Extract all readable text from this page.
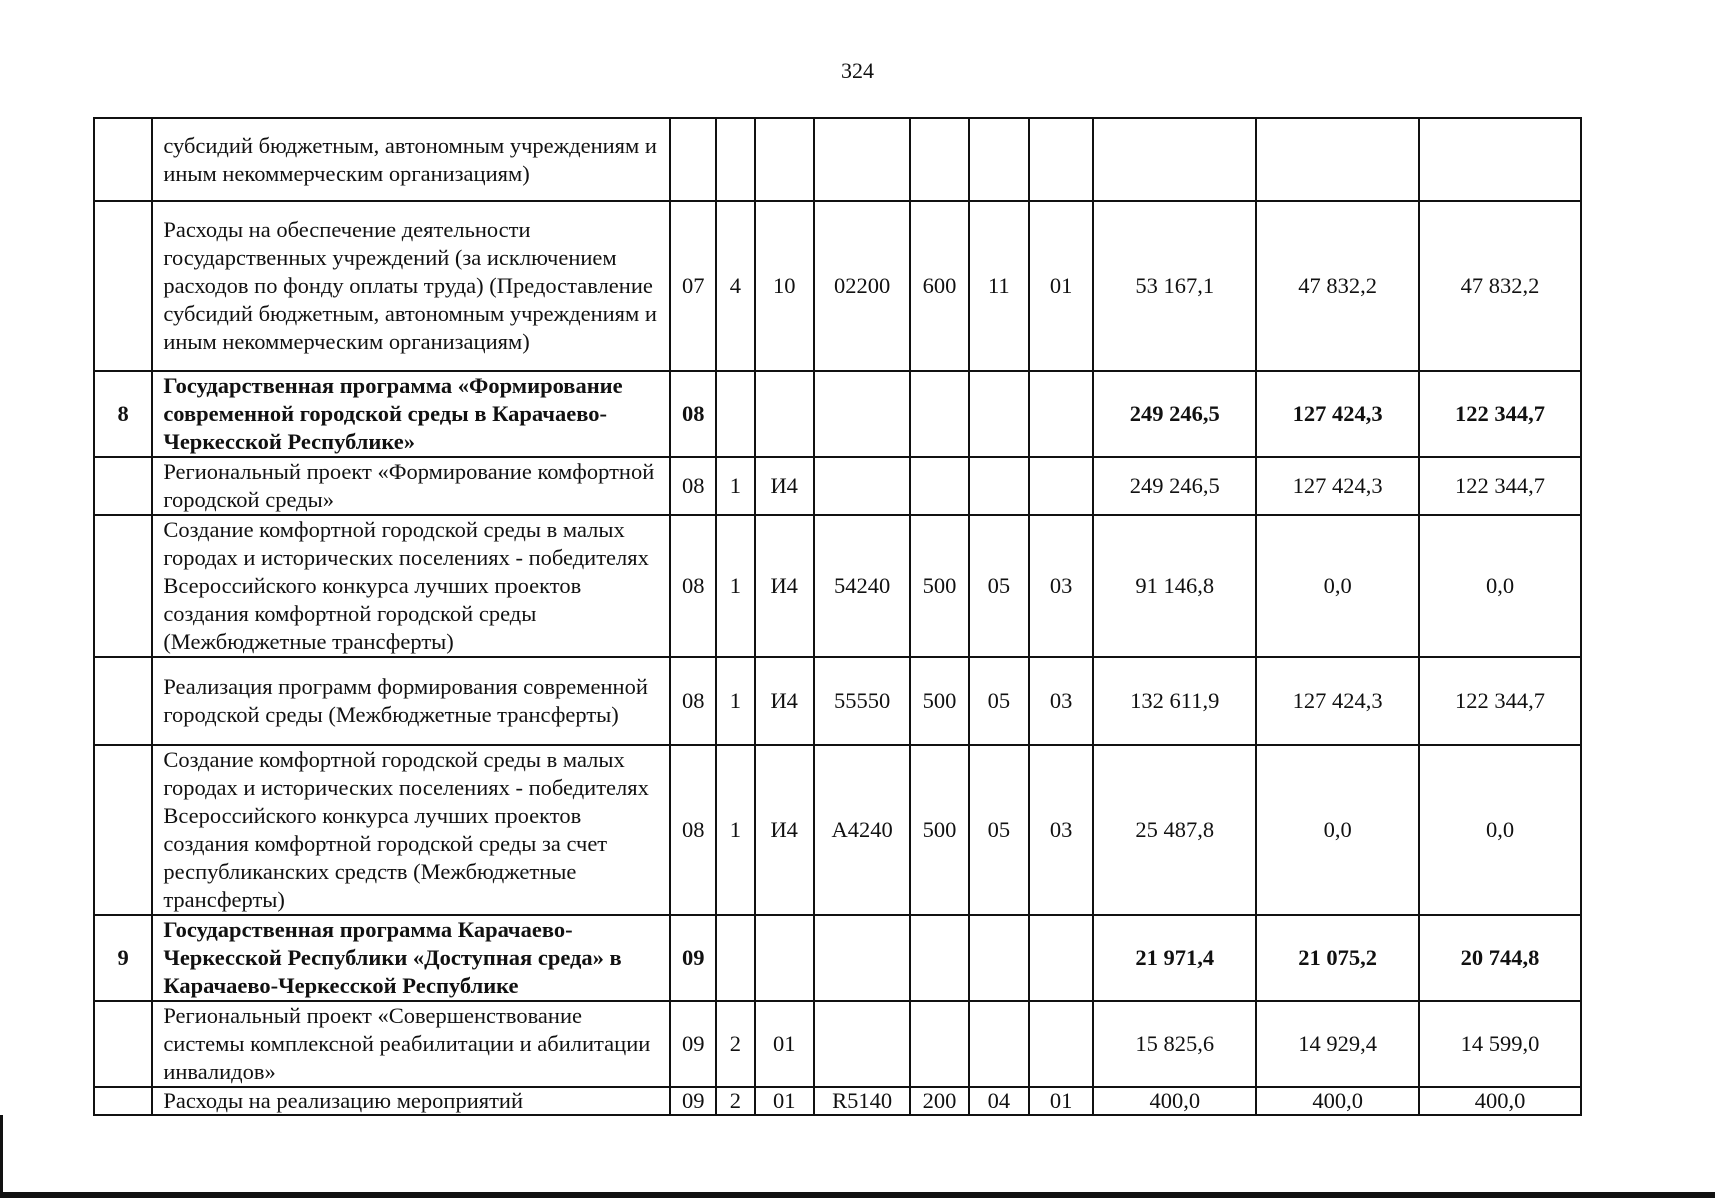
324
	субсидий бюджетным, автономным учреждениям и иным некоммерческим организациям)										
	Расходы на обеспечение деятельности государственных учреждений (за исключением расходов по фонду оплаты труда) (Предоставление субсидий бюджетным, автономным учреждениям и иным некоммерческим организациям)	07	4	10	02200	600	11	01	53 167,1	47 832,2	47 832,2
8	Государственная программа «Формирование современной городской среды в Карачаево-Черкесской Республике»	08							249 246,5	127 424,3	122 344,7
	Региональный проект «Формирование комфортной городской среды»	08	1	И4					249 246,5	127 424,3	122 344,7
	Создание комфортной городской среды в малых городах и исторических поселениях - победителях Всероссийского конкурса лучших проектов создания комфортной городской среды (Межбюджетные трансферты)	08	1	И4	54240	500	05	03	91 146,8	0,0	0,0
	Реализация программ формирования современной городской среды (Межбюджетные трансферты)	08	1	И4	55550	500	05	03	132 611,9	127 424,3	122 344,7
	Создание комфортной городской среды в малых городах и исторических поселениях - победителях Всероссийского конкурса лучших проектов создания комфортной городской среды за счет республиканских средств (Межбюджетные трансферты)	08	1	И4	А4240	500	05	03	25 487,8	0,0	0,0
9	Государственная программа Карачаево-Черкесской Республики «Доступная среда» в Карачаево-Черкесской Республике	09							21 971,4	21 075,2	20 744,8
	Региональный проект «Совершенствование системы комплексной реабилитации и абилитации инвалидов»	09	2	01					15 825,6	14 929,4	14 599,0
	Расходы на реализацию мероприятий	09	2	01	R5140	200	04	01	400,0	400,0	400,0
